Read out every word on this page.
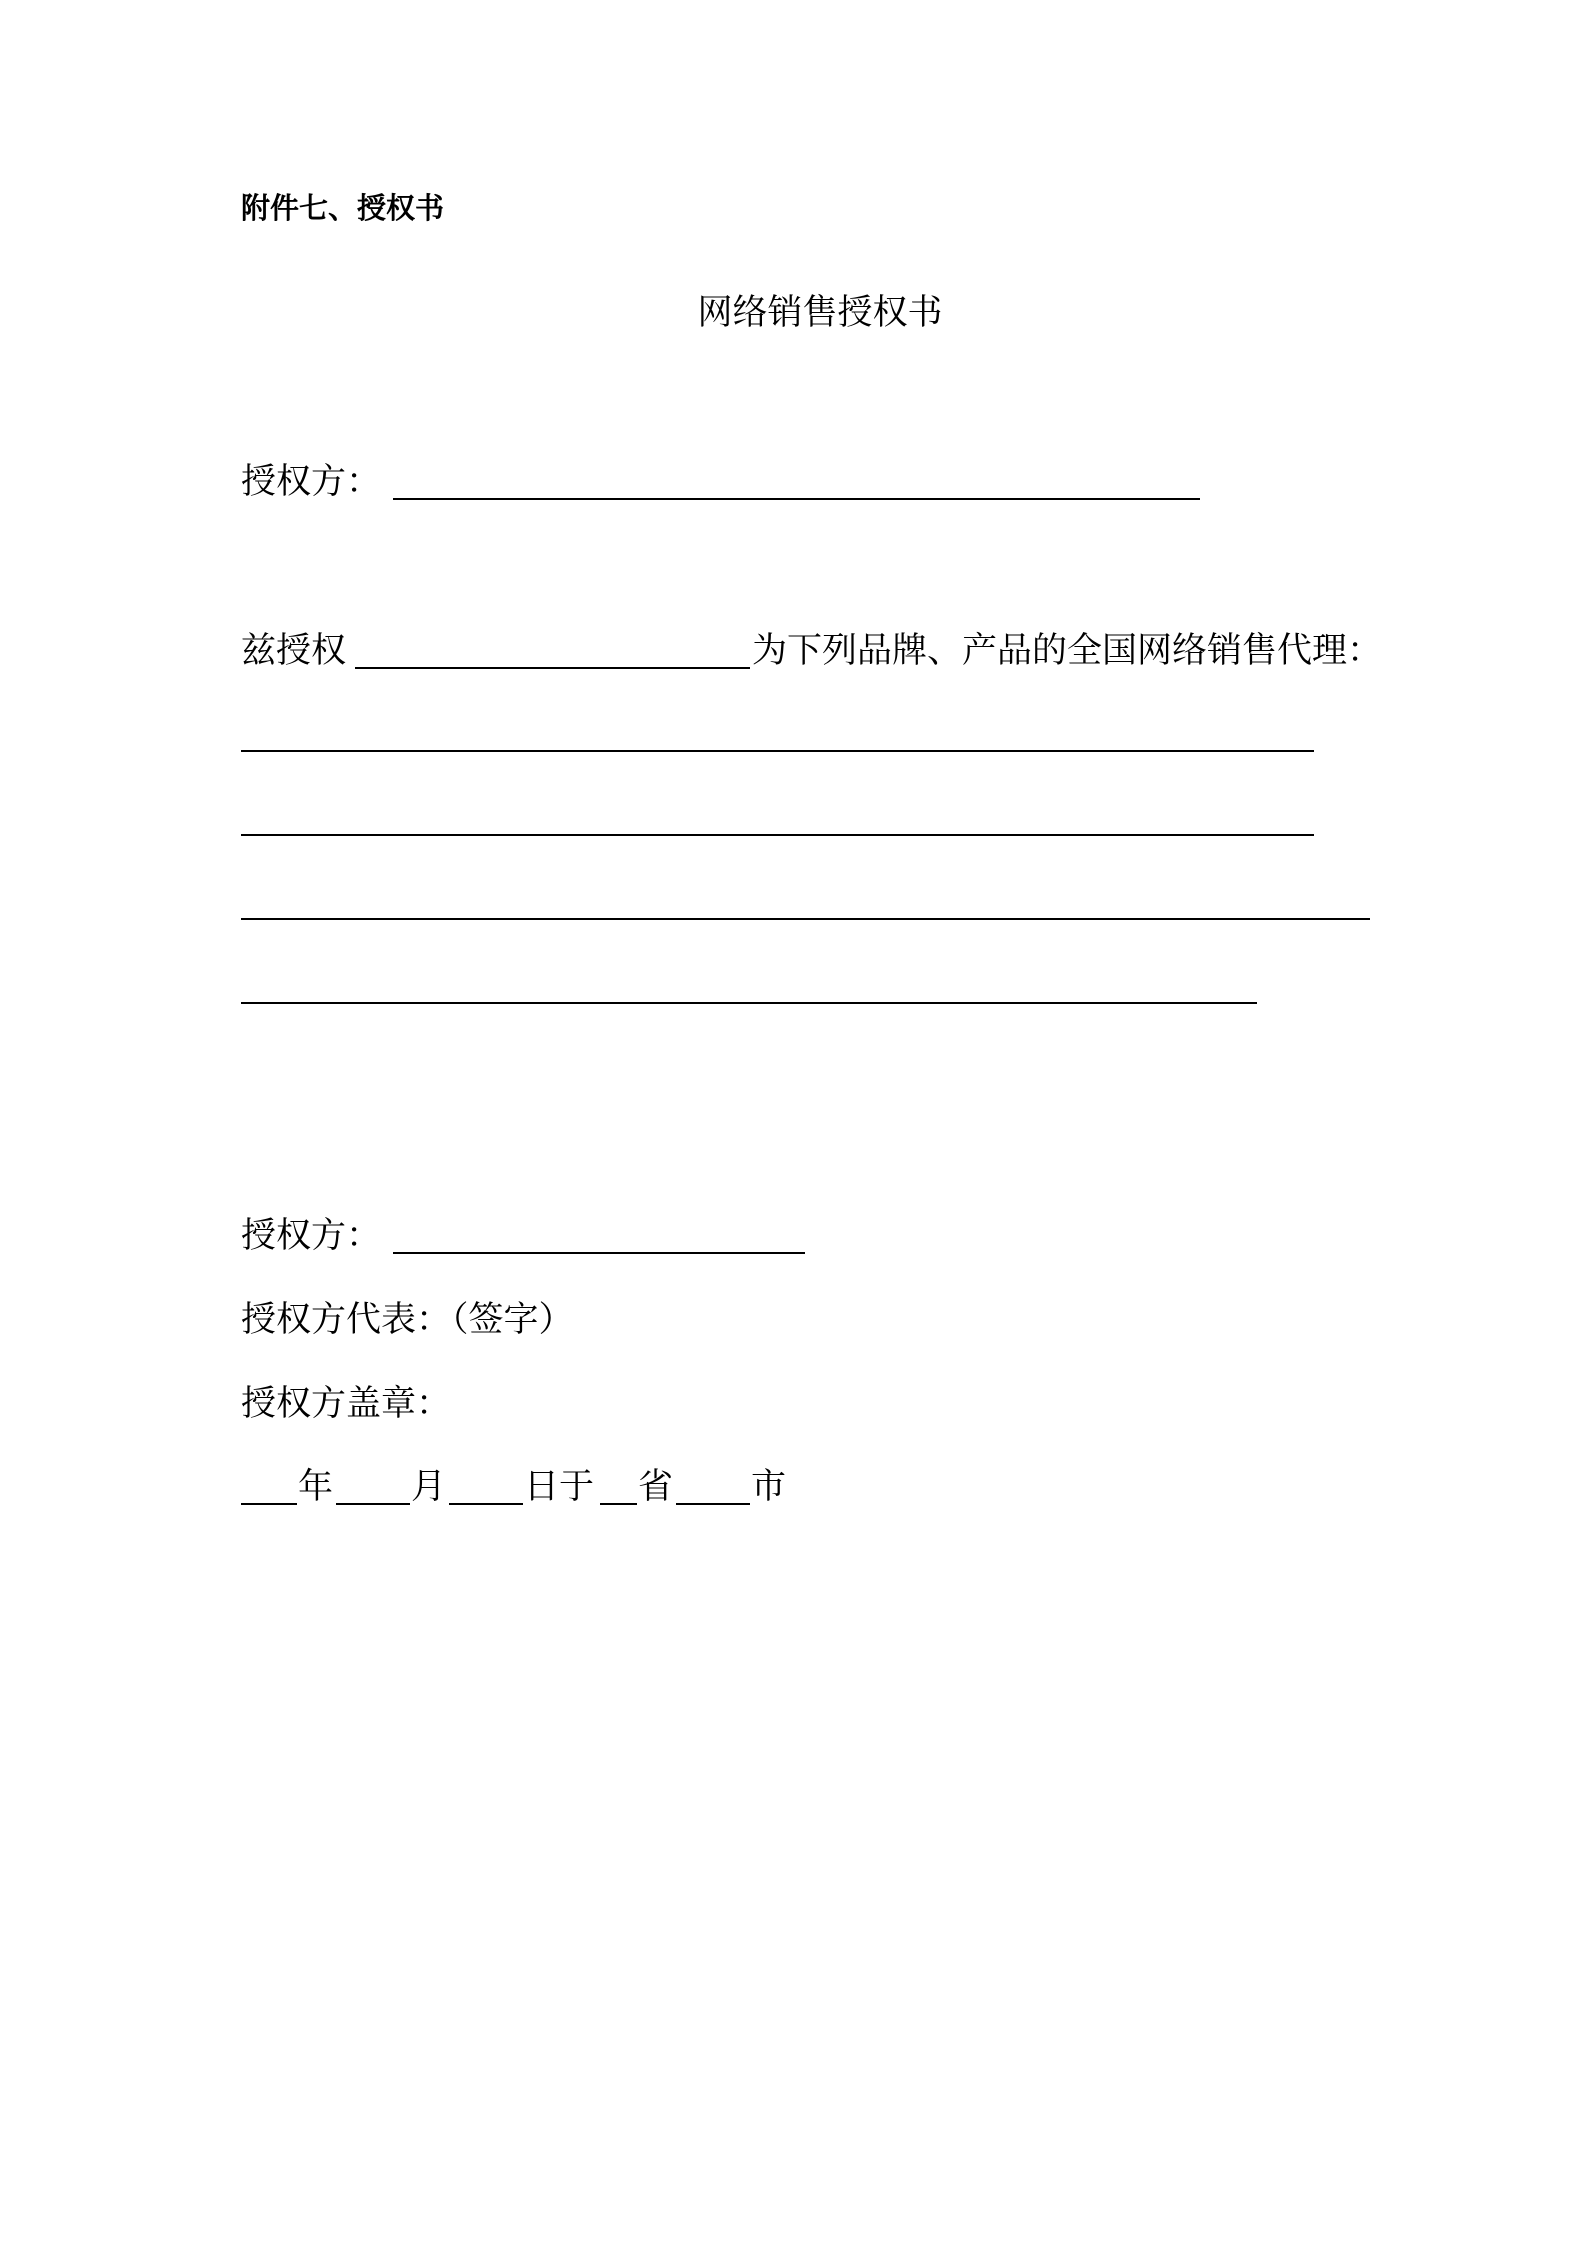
附件七、授权书
网络销售授权书
授权方：
兹授权	为下列品牌、产品的全国网络销售代理：
授权方：
授权方代表：（签字）
授权方盖章：
年 月 日于 省 市
